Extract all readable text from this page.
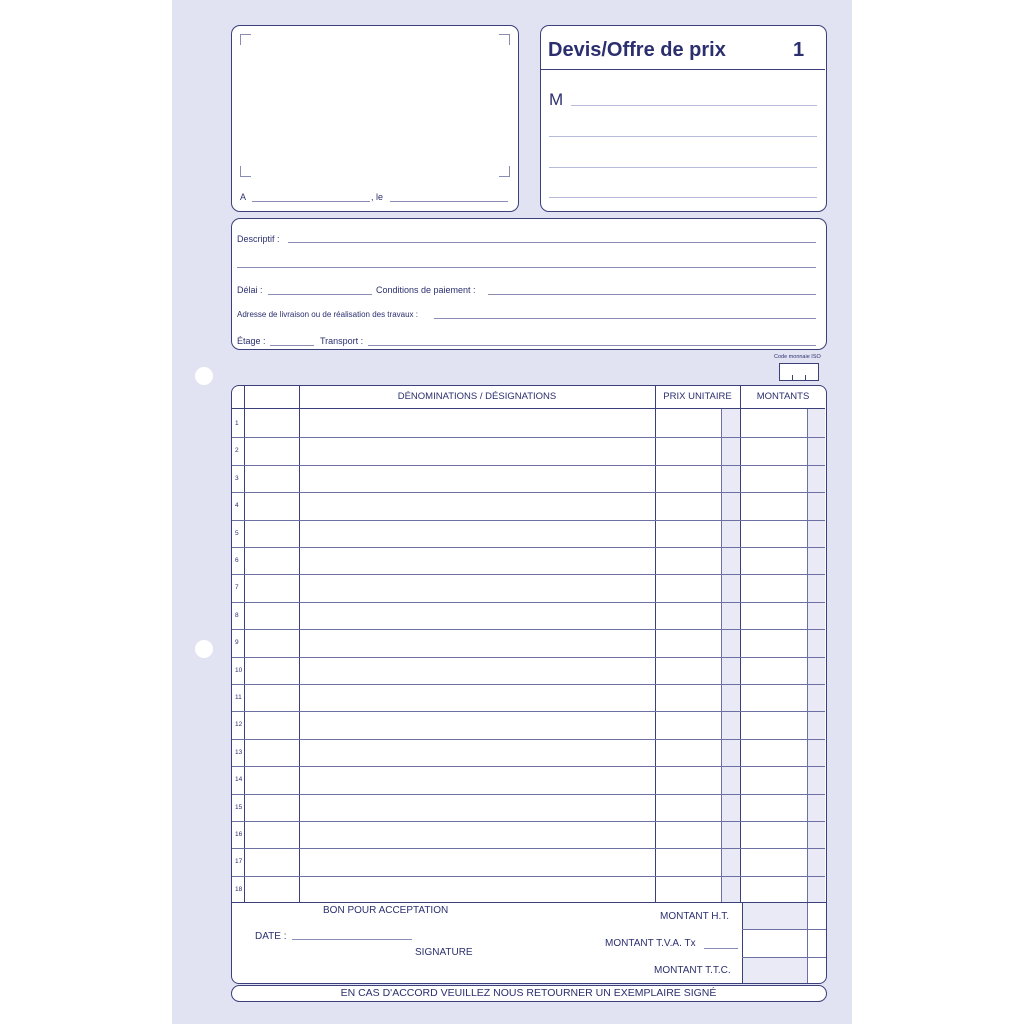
A	, le
Devis/Offre de prix	1
M
Descriptif :
Délai :	Conditions de paiement :
Adresse de livraison ou de réalisation des travaux :
Étage :	Transport :
Code monnaie ISO
DÉNOMINATIONS / DÉSIGNATIONS	PRIX UNITAIRE	MONTANTS
1
2
3
4
5
6
7
8
9
10
11
12
13
14
15
16
17
18
BON POUR ACCEPTATION
DATE :
SIGNATURE
MONTANT H.T.
MONTANT T.V.A. Tx
MONTANT T.T.C.
EN CAS D'ACCORD VEUILLEZ NOUS RETOURNER UN EXEMPLAIRE SIGNÉ
